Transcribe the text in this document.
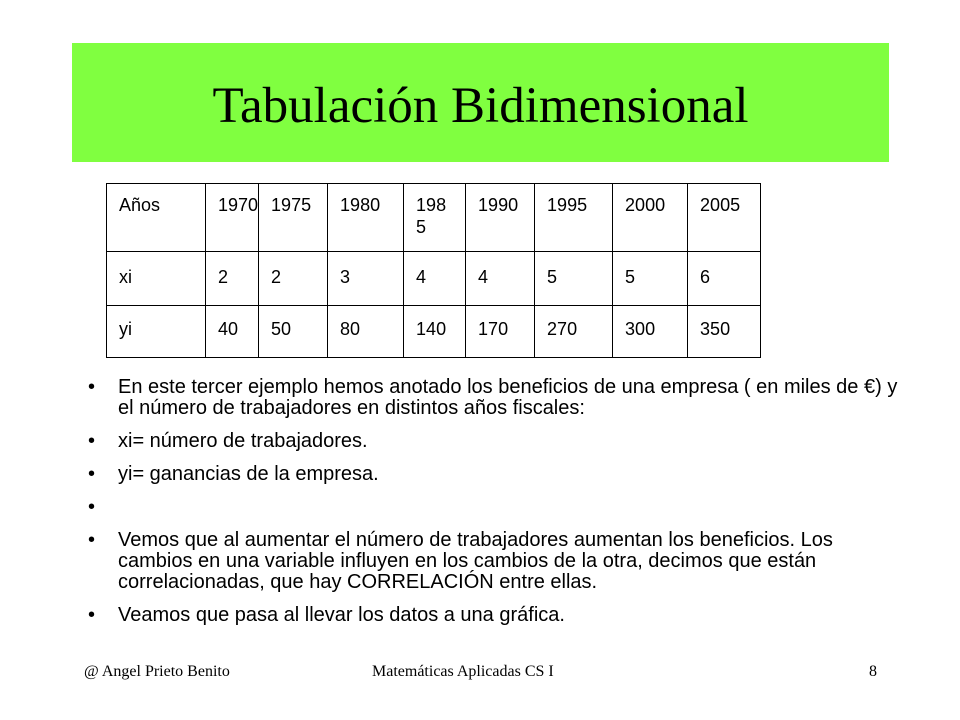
Tabulación Bidimensional
Años	1970	1975	1980	1985	1990	1995	2000	2005
xi	2	2	3	4	4	5	5	6
yi	40	50	80	140	170	270	300	350
• En este tercer ejemplo hemos anotado los beneficios de una empresa ( en miles de €) y el número de trabajadores en distintos años fiscales:
• xi= número de trabajadores.
• yi= ganancias de la empresa.
•
• Vemos que al aumentar el número de trabajadores aumentan los beneficios. Los cambios en una variable influyen en los cambios de la otra, decimos que están correlacionadas, que hay CORRELACIÓN entre ellas.
• Veamos que pasa al llevar los datos a una gráfica.
@ Angel Prieto Benito	Matemáticas Aplicadas CS I	8
